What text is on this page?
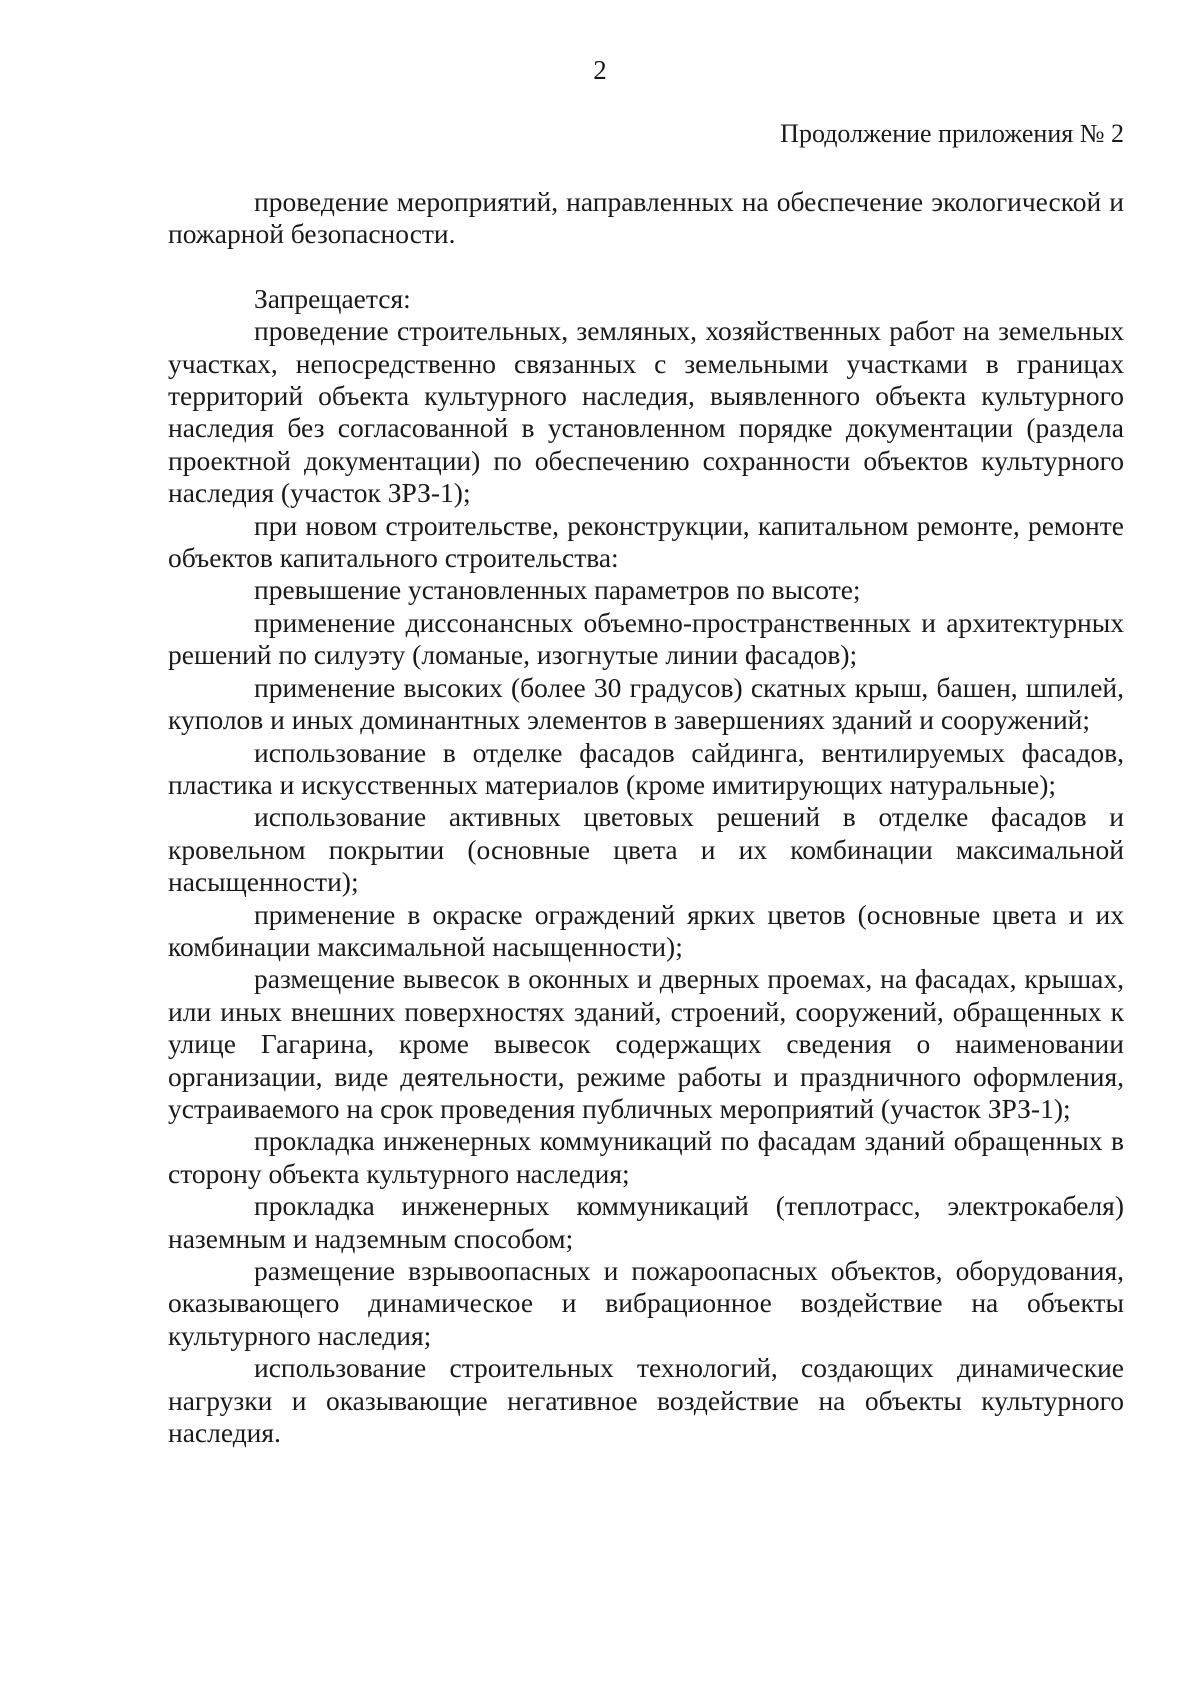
2
Продолжение приложения № 2

проведение мероприятий, направленных на обеспечение экологической и пожарной безопасности.

Запрещается:

проведение строительных, земляных, хозяйственных работ на земельных участках, непосредственно связанных с земельными участками в границах территорий объекта культурного наследия, выявленного объекта культурного наследия без согласованной в установленном порядке документации (раздела проектной документации) по обеспечению сохранности объектов культурного наследия (участок ЗРЗ-1);

при новом строительстве, реконструкции, капитальном ремонте, ремонте объектов капитального строительства:

превышение установленных параметров по высоте;

применение диссонансных объемно-пространственных и архитектурных решений по силуэту (ломаные, изогнутые линии фасадов);

применение высоких (более 30 градусов) скатных крыш, башен, шпилей, куполов и иных доминантных элементов в завершениях зданий и сооружений;

использование в отделке фасадов сайдинга, вентилируемых фасадов, пластика и искусственных материалов (кроме имитирующих натуральные);

использование активных цветовых решений в отделке фасадов и кровельном покрытии (основные цвета и их комбинации максимальной насыщенности);

применение в окраске ограждений ярких цветов (основные цвета и их комбинации максимальной насыщенности);

размещение вывесок в оконных и дверных проемах, на фасадах, крышах, или иных внешних поверхностях зданий, строений, сооружений, обращенных к улице Гагарина, кроме вывесок содержащих сведения о наименовании организации, виде деятельности, режиме работы и праздничного оформления, устраиваемого на срок проведения публичных мероприятий (участок ЗРЗ-1);

прокладка инженерных коммуникаций по фасадам зданий обращенных в сторону объекта культурного наследия;

прокладка инженерных коммуникаций (теплотрасс, электрокабеля) наземным и надземным способом;

размещение взрывоопасных и пожароопасных объектов, оборудования, оказывающего динамическое и вибрационное воздействие на объекты культурного наследия;

использование строительных технологий, создающих динамические нагрузки и оказывающие негативное воздействие на объекты культурного наследия.
